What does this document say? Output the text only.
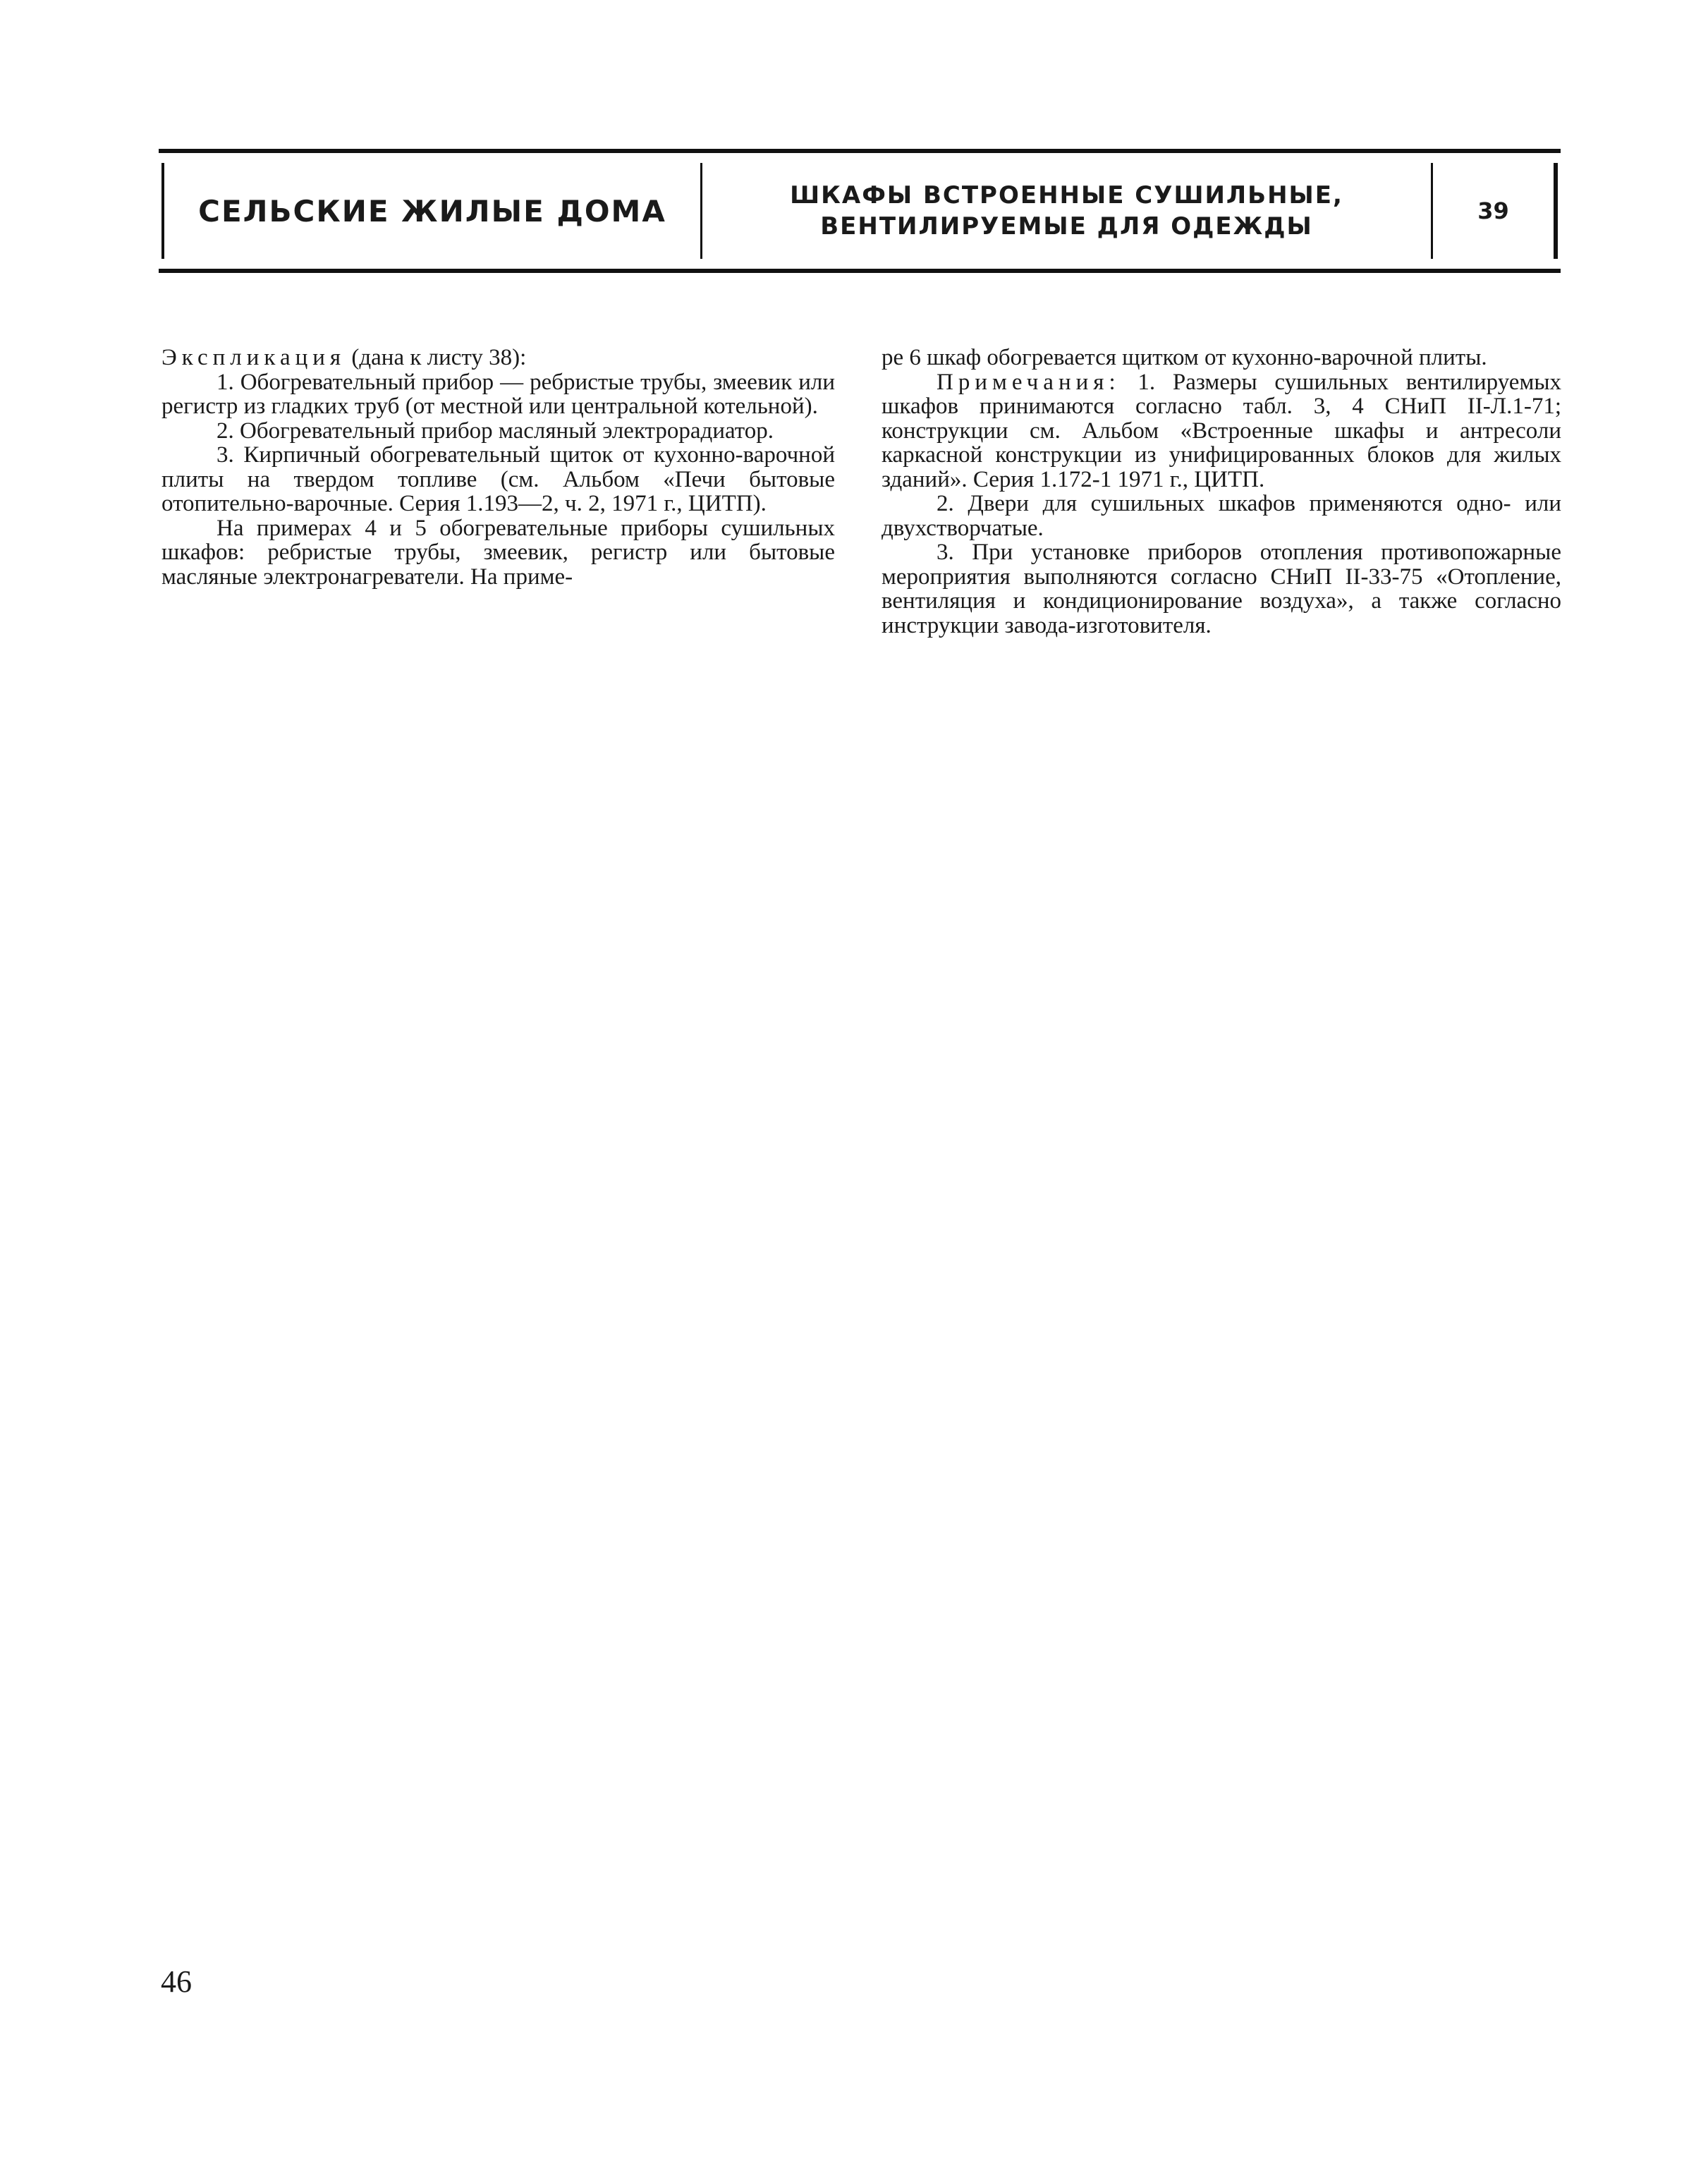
СЕЛЬСКИЕ ЖИЛЫЕ ДОМА	ШКАФЫ ВСТРОЕННЫЕ СУШИЛЬНЫЕ,
ВЕНТИЛИРУЕМЫЕ ДЛЯ ОДЕЖДЫ
39

Экспликация (дана к листу 38):

1. Обогревательный прибор — ребристые трубы, змеевик или регистр из гладких труб (от местной или центральной котельной).

2. Обогревательный прибор масляный электрорадиатор.

3. Кирпичный обогревательный щиток от кухонно-варочной плиты на твердом топливе (см. Альбом «Печи бытовые отопительно-варочные. Серия 1.193—2, ч. 2, 1971 г., ЦИТП).

На примерах 4 и 5 обогревательные приборы сушильных шкафов: ребристые трубы, змеевик, регистр или бытовые масляные электронагреватели. На приме-

ре 6 шкаф обогревается щитком от кухонно-варочной плиты.

Примечания: 1. Размеры сушильных вентилируемых шкафов принимаются согласно табл. 3, 4 СНиП II-Л.1-71; конструкции см. Альбом «Встроенные шкафы и антресоли каркасной конструкции из унифицированных блоков для жилых зданий». Серия 1.172-1 1971 г., ЦИТП.

2. Двери для сушильных шкафов применяются одно- или двухстворчатые.

3. При установке приборов отопления противопожарные мероприятия выполняются согласно СНиП II-33-75 «Отопление, вентиляция и кондиционирование воздуха», а также согласно инструкции завода-изготовителя.

46
